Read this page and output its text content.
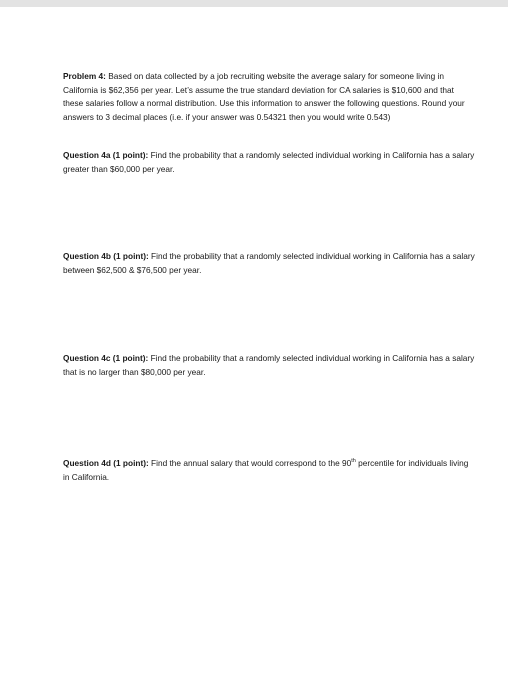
Problem 4: Based on data collected by a job recruiting website the average salary for someone living in California is $62,356 per year. Let’s assume the true standard deviation for CA salaries is $10,600 and that these salaries follow a normal distribution. Use this information to answer the following questions. Round your answers to 3 decimal places (i.e. if your answer was 0.54321 then you would write 0.543)

Question 4a (1 point): Find the probability that a randomly selected individual working in California has a salary greater than $60,000 per year.

Question 4b (1 point): Find the probability that a randomly selected individual working in California has a salary between $62,500 & $76,500 per year.

Question 4c (1 point): Find the probability that a randomly selected individual working in California has a salary that is no larger than $80,000 per year.

Question 4d (1 point): Find the annual salary that would correspond to the 90th percentile for individuals living in California.
